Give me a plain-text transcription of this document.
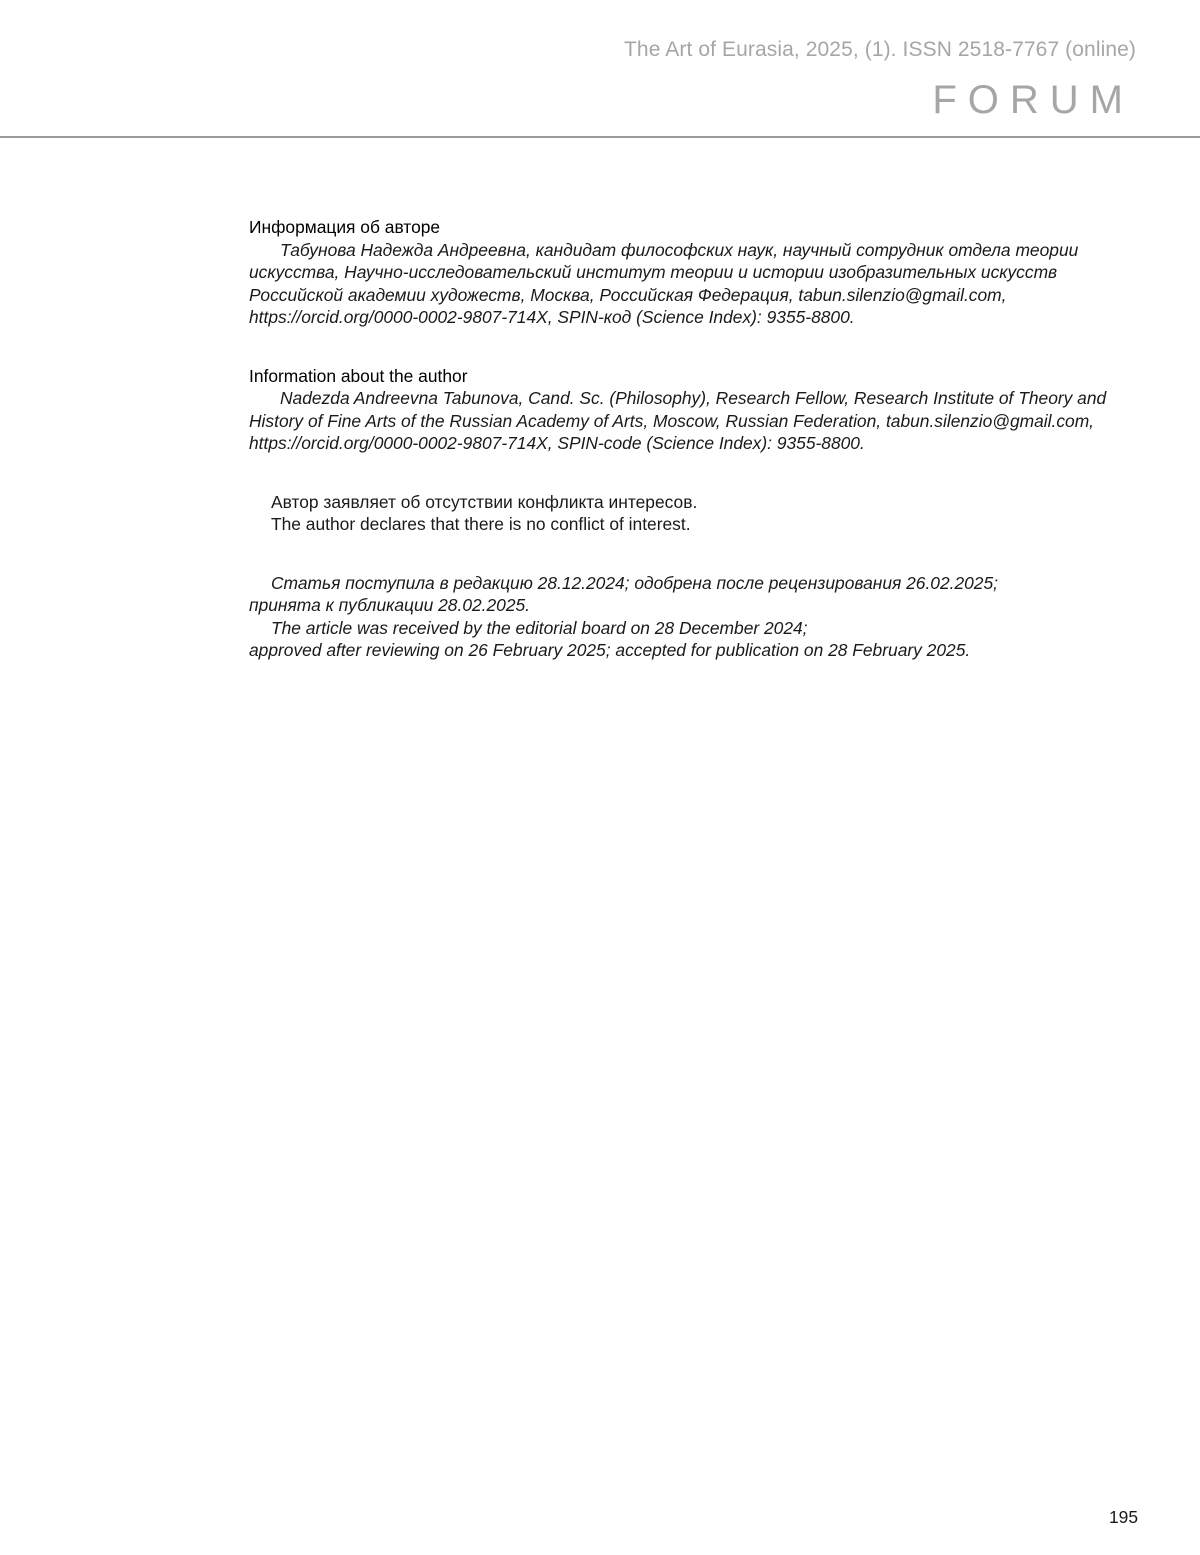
The Art of Eurasia, 2025, (1). ISSN 2518-7767 (online)
FORUM

Информация об авторе

Табунова Надежда Андреевна, кандидат философских наук, научный сотрудник отдела теории искусства, Научно-исследовательский институт теории и истории изобразительных искусств Российской академии художеств, Москва, Российская Федерация, tabun.silenzio@gmail.com, https://orcid.org/0000-0002-9807-714X, SPIN-код (Science Index): 9355-8800.

Information about the author

Nadezda Andreevna Tabunova, Cand. Sc. (Philosophy), Research Fellow, Research Institute of Theory and History of Fine Arts of the Russian Academy of Arts, Moscow, Russian Federation, tabun.silenzio@gmail.com, https://orcid.org/0000-0002-9807-714X, SPIN-code (Science Index): 9355-8800.

Автор заявляет об отсутствии конфликта интересов.

The author declares that there is no conflict of interest.

Статья поступила в редакцию 28.12.2024; одобрена после рецензирования 26.02.2025;

принята к публикации 28.02.2025.

The article was received by the editorial board on 28 December 2024;

approved after reviewing on 26 February 2025; accepted for publication on 28 February 2025.

195
